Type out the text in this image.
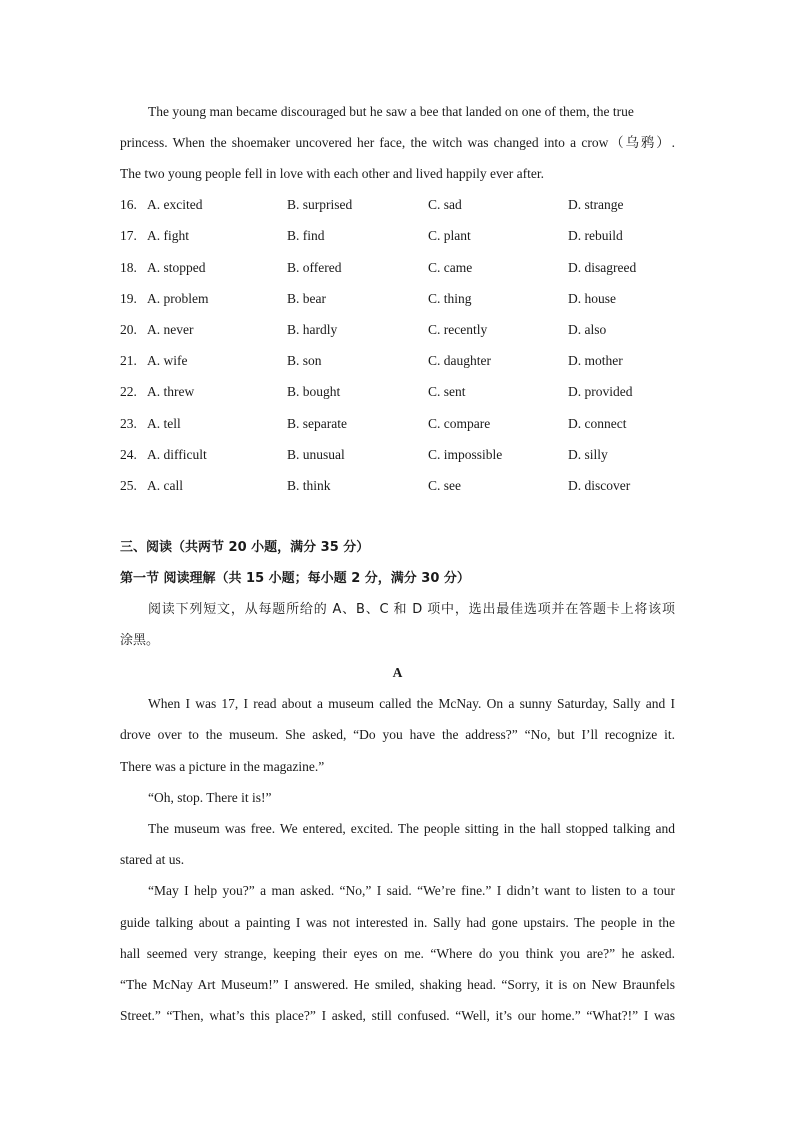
The young man became discouraged but he saw a bee that landed on one of them, the true
princess. When the shoemaker uncovered her face, the witch was changed into a crow（乌鸦）.
The two young people fell in love with each other and lived happily ever after.
16. A. excited	B. surprised	C. sad	D. strange
17. A. fight	B. find	C. plant	D. rebuild
18. A. stopped	B. offered	C. came	D. disagreed
19. A. problem	B. bear	C. thing	D. house
20. A. never	B. hardly	C. recently	D. also
21. A. wife	B. son	C. daughter	D. mother
22. A. threw	B. bought	C. sent	D. provided
23. A. tell	B. separate	C. compare	D. connect
24. A. difficult	B. unusual	C. impossible	D. silly
25. A. call	B. think	C. see	D. discover
三、阅读（共两节 20 小题，满分 35 分）
第一节 阅读理解（共 15 小题；每小题 2 分，满分 30 分）
阅读下列短文，从每题所给的 A、B、C 和 D 项中，选出最佳选项并在答题卡上将该项
涂黑。
A
When I was 17, I read about a museum called the McNay. On a sunny Saturday, Sally and I
drove over to the museum. She asked, “Do you have the address?” “No, but I’ll recognize it.
There was a picture in the magazine.”
“Oh, stop. There it is!”
The museum was free. We entered, excited. The people sitting in the hall stopped talking and
stared at us.
“May I help you?” a man asked. “No,” I said. “We’re fine.” I didn’t want to listen to a tour
guide talking about a painting I was not interested in. Sally had gone upstairs. The people in the
hall seemed very strange, keeping their eyes on me. “Where do you think you are?” he asked.
“The McNay Art Museum!” I answered. He smiled, shaking head. “Sorry, it is on New Braunfels
Street.” “Then, what’s this place?” I asked, still confused. “Well, it’s our home.” “What?!” I was
